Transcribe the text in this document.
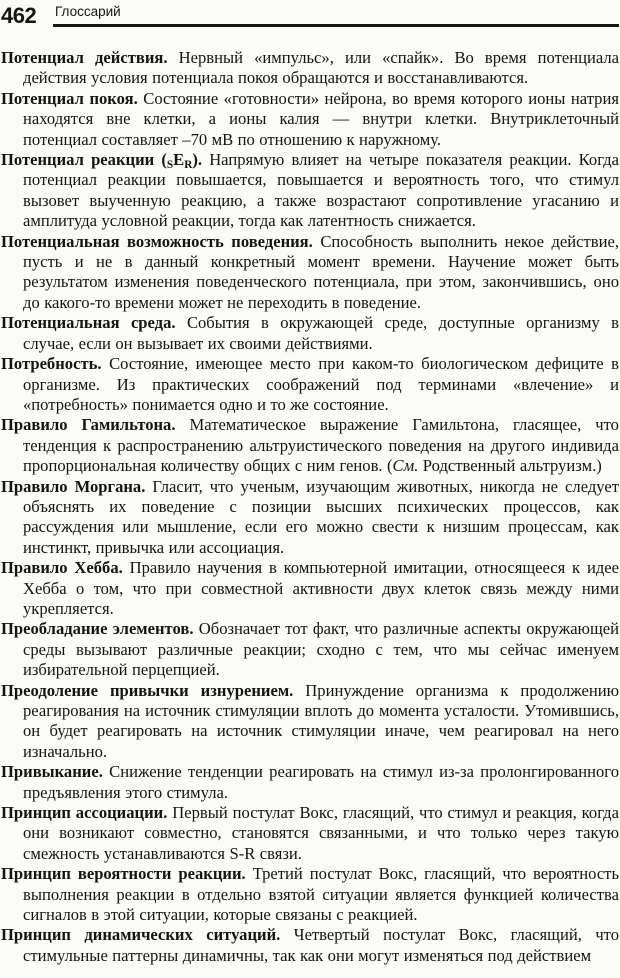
462	Глоссарий

Потенциал действия. Нервный «импульс», или «спайк». Во время потенциала действия условия потенциала покоя обращаются и восстанавливаются.

Потенциал покоя. Состояние «готовности» нейрона, во время которого ионы натрия находятся вне клетки, а ионы калия — внутри клетки. Внутриклеточный потенциал составляет –70 мВ по отношению к наружному.

Потенциал реакции $(_SE_R)$. Напрямую влияет на четыре показателя реакции. Когда потенциал реакции повышается, повышается и вероятность того, что стимул вызовет выученную реакцию, а также возрастают сопротивление угасанию и амплитуда условной реакции, тогда как латентность снижается.

Потенциальная возможность поведения. Способность выполнить некое действие, пусть и не в данный конкретный момент времени. Научение может быть результатом изменения поведенческого потенциала, при этом, закончившись, оно до какого-то времени может не переходить в поведение.

Потенциальная среда. События в окружающей среде, доступные организму в случае, если он вызывает их своими действиями.

Потребность. Состояние, имеющее место при каком-то биологическом дефиците в организме. Из практических соображений под терминами «влечение» и «потребность» понимается одно и то же состояние.

Правило Гамильтона. Математическое выражение Гамильтона, гласящее, что тенденция к распространению альтруистического поведения на другого индивида пропорциональная количеству общих с ним генов. (См. Родственный альтруизм.)

Правило Моргана. Гласит, что ученым, изучающим животных, никогда не следует объяснять их поведение с позиции высших психических процессов, как рассуждения или мышление, если его можно свести к низшим процессам, как инстинкт, привычка или ассоциация.

Правило Хебба. Правило научения в компьютерной имитации, относящееся к идее Хебба о том, что при совместной активности двух клеток связь между ними укрепляется.

Преобладание элементов. Обозначает тот факт, что различные аспекты окружающей среды вызывают различные реакции; сходно с тем, что мы сейчас именуем избирательной перцепцией.

Преодоление привычки изнурением. Принуждение организма к продолжению реагирования на источник стимуляции вплоть до момента усталости. Утомившись, он будет реагировать на источник стимуляции иначе, чем реагировал на него изначально.

Привыкание. Снижение тенденции реагировать на стимул из-за пролонгированного предъявления этого стимула.

Принцип ассоциации. Первый постулат Вокс, гласящий, что стимул и реакция, когда они возникают совместно, становятся связанными, и что только через такую смежность устанавливаются S-R связи.

Принцип вероятности реакции. Третий постулат Вокс, гласящий, что вероятность выполнения реакции в отдельно взятой ситуации является функцией количества сигналов в этой ситуации, которые связаны с реакцией.

Принцип динамических ситуаций. Четвертый постулат Вокс, гласящий, что стимульные паттерны динамичны, так как они могут изменяться под действием
